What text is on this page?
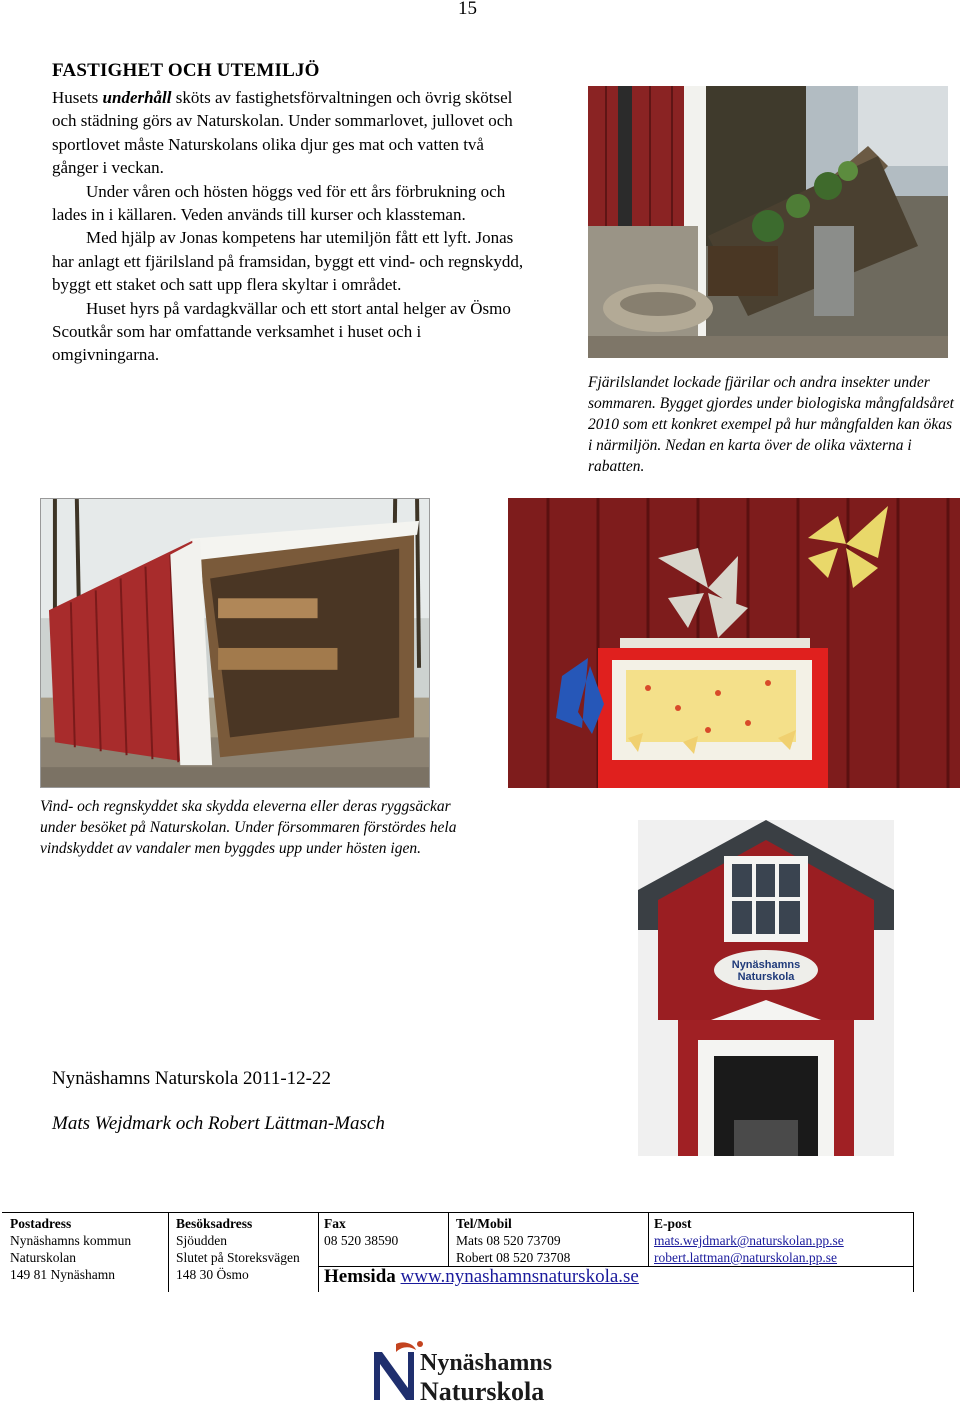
15
FASTIGHET OCH UTEMILJÖ

Husets underhåll sköts av fastighetsförvaltningen och övrig skötsel och städning görs av Naturskolan. Under sommarlovet, jullovet och sportlovet måste Naturskolans olika djur ges mat och vatten två gånger i veckan.

Under våren och hösten höggs ved för ett års förbrukning och lades in i källaren. Veden används till kurser och klassteman.

Med hjälp av Jonas kompetens har utemiljön fått ett lyft. Jonas har anlagt ett fjärilsland på framsidan, byggt ett vind- och regnskydd, byggt ett staket och satt upp flera skyltar i området.

Huset hyrs på vardagkvällar och ett stort antal helger av Ösmo Scoutkår som har omfattande verksamhet i huset och i omgivningarna.

Fjärilslandet lockade fjärilar och andra insekter under sommaren. Bygget gjordes under biologiska mångfaldsåret 2010 som ett konkret exempel på hur mångfalden kan ökas i närmiljön. Nedan en karta över de olika växterna i rabatten.
Vind- och regnskyddet ska skydda eleverna eller deras ryggsäckar under besöket på Naturskolan. Under försommaren förstördes hela vindskyddet av vandaler men byggdes upp under hösten igen.
Nynäshamns
Naturskola
Nynäshamns Naturskola 2011-12-22
Mats Wejdmark och Robert Lättman-Masch
Postadress
Nynäshamns kommun
Naturskolan
149 81 Nynäshamn
Besöksadress
Sjöudden
Slutet på Storeksvägen
148 30 Ösmo
Fax
08 520 38590
Tel/Mobil
Mats 08 520 73709
Robert 08 520 73708
E-post
mats.wejdmark@naturskolan.pp.se
robert.lattman@naturskolan.pp.se
Hemsida www.nynashamnsnaturskola.se
Nynäshamns
Naturskola
